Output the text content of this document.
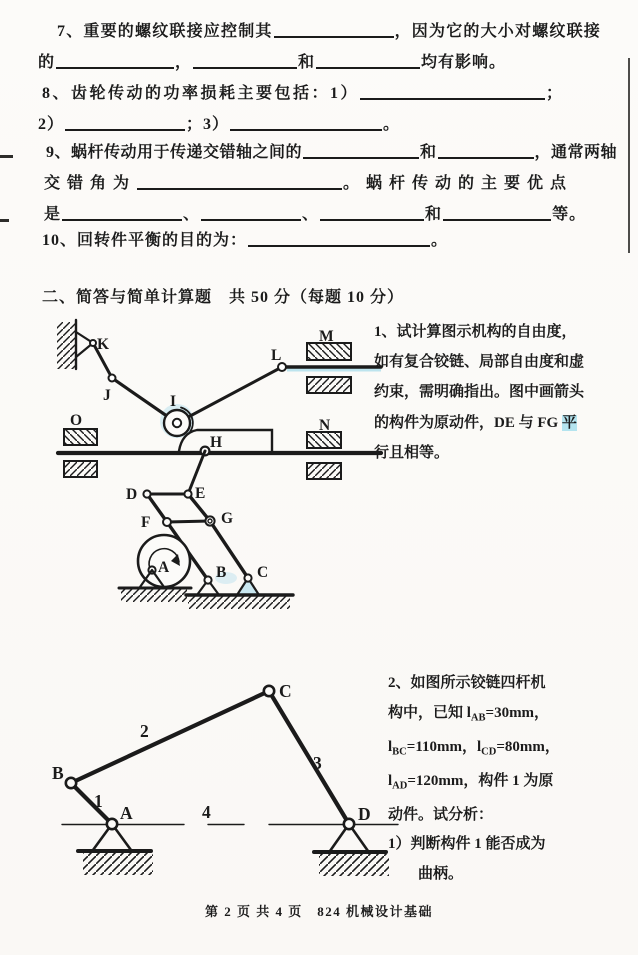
7、重要的螺纹联接应控制其	，因为它的大小对螺纹联接
的	，	和	均有影响。
8、齿轮传动的功率损耗主要包括：1）	；
2）	；3）	。
9、蜗杆传动用于传递交错轴之间的	和	，通常两轴
交错角为	。蜗杆传动的主要优点
是	、	、	和	等。
10、回转件平衡的目的为：	。
二、简答与简单计算题　共 50 分（每题 10 分）
1、试计算图示机构的自由度，
如有复合铰链、局部自由度和虚
约束，需明确指出。图中画箭头
的构件为原动件，DE 与 FG 平
行且相等。
K
J	I
O
L
M
N
H
D	E
F	G
A	B C
2、如图所示铰链四杆机
构中，已知 $l_{AB}=30mm$，
$l_{BC}=110mm$，$l_{CD}=80mm$，
$l_{AD}=120mm$，构件 1 为原
动件。试分析：
1）判断构件 1 能否成为
曲柄。
B
C
A	D
1
2
3
4
第 2 页 共 4 页　824 机械设计基础
